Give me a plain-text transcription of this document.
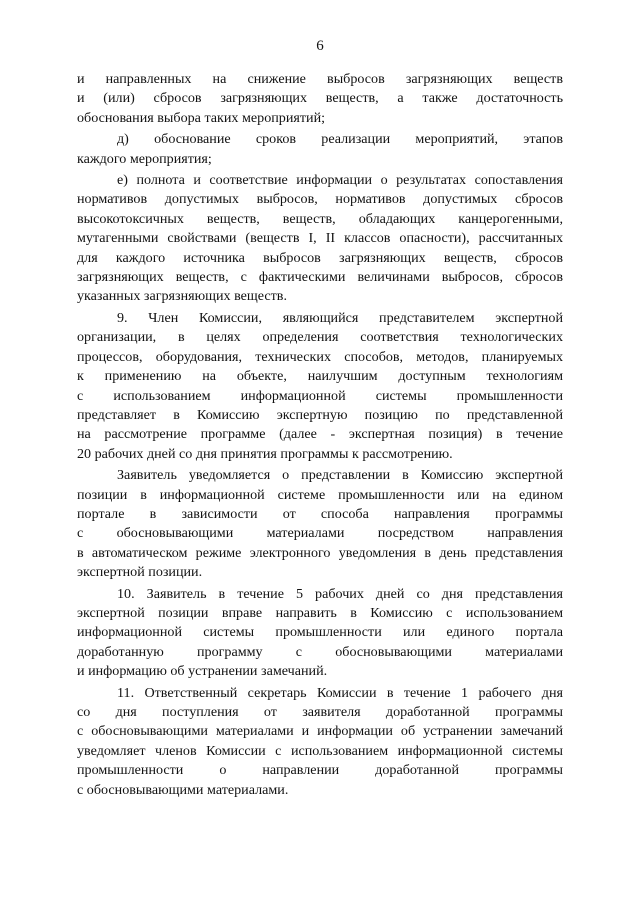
6
и направленных на снижение выбросов загрязняющих веществ
и (или) сбросов загрязняющих веществ, а также достаточность
обоснования выбора таких мероприятий;
д) обоснование сроков реализации мероприятий, этапов
каждого мероприятия;
е) полнота и соответствие информации о результатах сопоставления
нормативов допустимых выбросов, нормативов допустимых сбросов
высокотоксичных веществ, веществ, обладающих канцерогенными,
мутагенными свойствами (веществ I, II классов опасности), рассчитанных
для каждого источника выбросов загрязняющих веществ, сбросов
загрязняющих веществ, с фактическими величинами выбросов, сбросов
указанных загрязняющих веществ.
9. Член Комиссии, являющийся представителем экспертной
организации, в целях определения соответствия технологических
процессов, оборудования, технических способов, методов, планируемых
к применению на объекте, наилучшим доступным технологиям
с использованием информационной системы промышленности
представляет в Комиссию экспертную позицию по представленной
на рассмотрение программе (далее - экспертная позиция) в течение
20 рабочих дней со дня принятия программы к рассмотрению.
Заявитель уведомляется о представлении в Комиссию экспертной
позиции в информационной системе промышленности или на едином
портале в зависимости от способа направления программы
с обосновывающими материалами посредством направления
в автоматическом режиме электронного уведомления в день представления
экспертной позиции.
10. Заявитель в течение 5 рабочих дней со дня представления
экспертной позиции вправе направить в Комиссию с использованием
информационной системы промышленности или единого портала
доработанную программу с обосновывающими материалами
и информацию об устранении замечаний.
11. Ответственный секретарь Комиссии в течение 1 рабочего дня
со дня поступления от заявителя доработанной программы
с обосновывающими материалами и информации об устранении замечаний
уведомляет членов Комиссии с использованием информационной системы
промышленности о направлении доработанной программы
с обосновывающими материалами.
